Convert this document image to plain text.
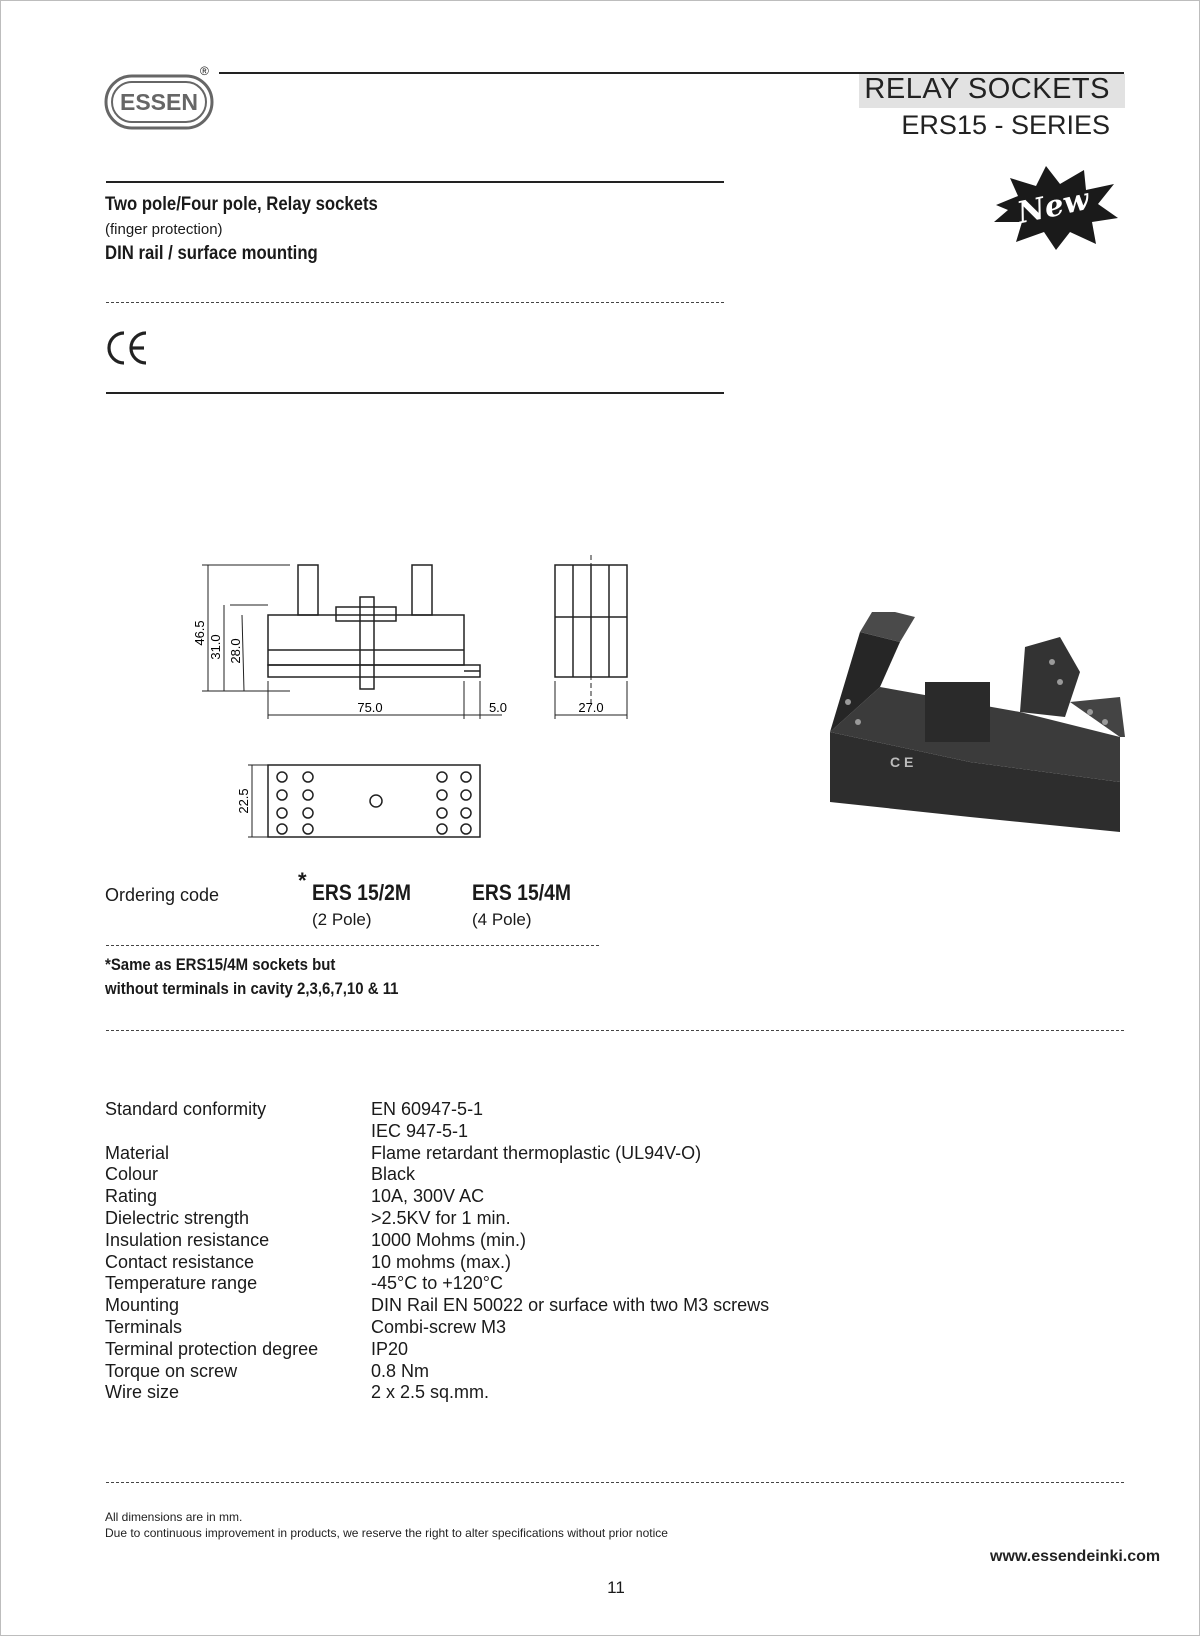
ESSEN
®
RELAY SOCKETS
ERS15 - SERIES
New
Two pole/Four pole, Relay sockets
(finger protection)
DIN rail / surface mounting
46.5
31.0 28.0
75.0	5.0	27.0
22.5
C E
Ordering code
* ERS 15/2M
(2 Pole)
ERS 15/4M
(4 Pole)
*Same as ERS15/4M sockets but
without terminals in cavity 2,3,6,7,10 & 11
Standard conformity	EN 60947-5-1
IEC 947-5-1
Material	Flame retardant thermoplastic (UL94V-O)
Colour	Black
Rating	10A, 300V AC
Dielectric strength	>2.5KV for 1 min.
Insulation resistance	1000 Mohms (min.)
Contact resistance	10 mohms (max.)
Temperature range	-45°C to +120°C
Mounting	DIN Rail EN 50022 or surface with two M3 screws
Terminals	Combi-screw M3
Terminal protection degree	IP20
Torque on screw	0.8 Nm
Wire size	2 x 2.5 sq.mm.
All dimensions are in mm.
Due to continuous improvement in products, we reserve the right to alter specifications without prior notice
www.essendeinki.com
11
